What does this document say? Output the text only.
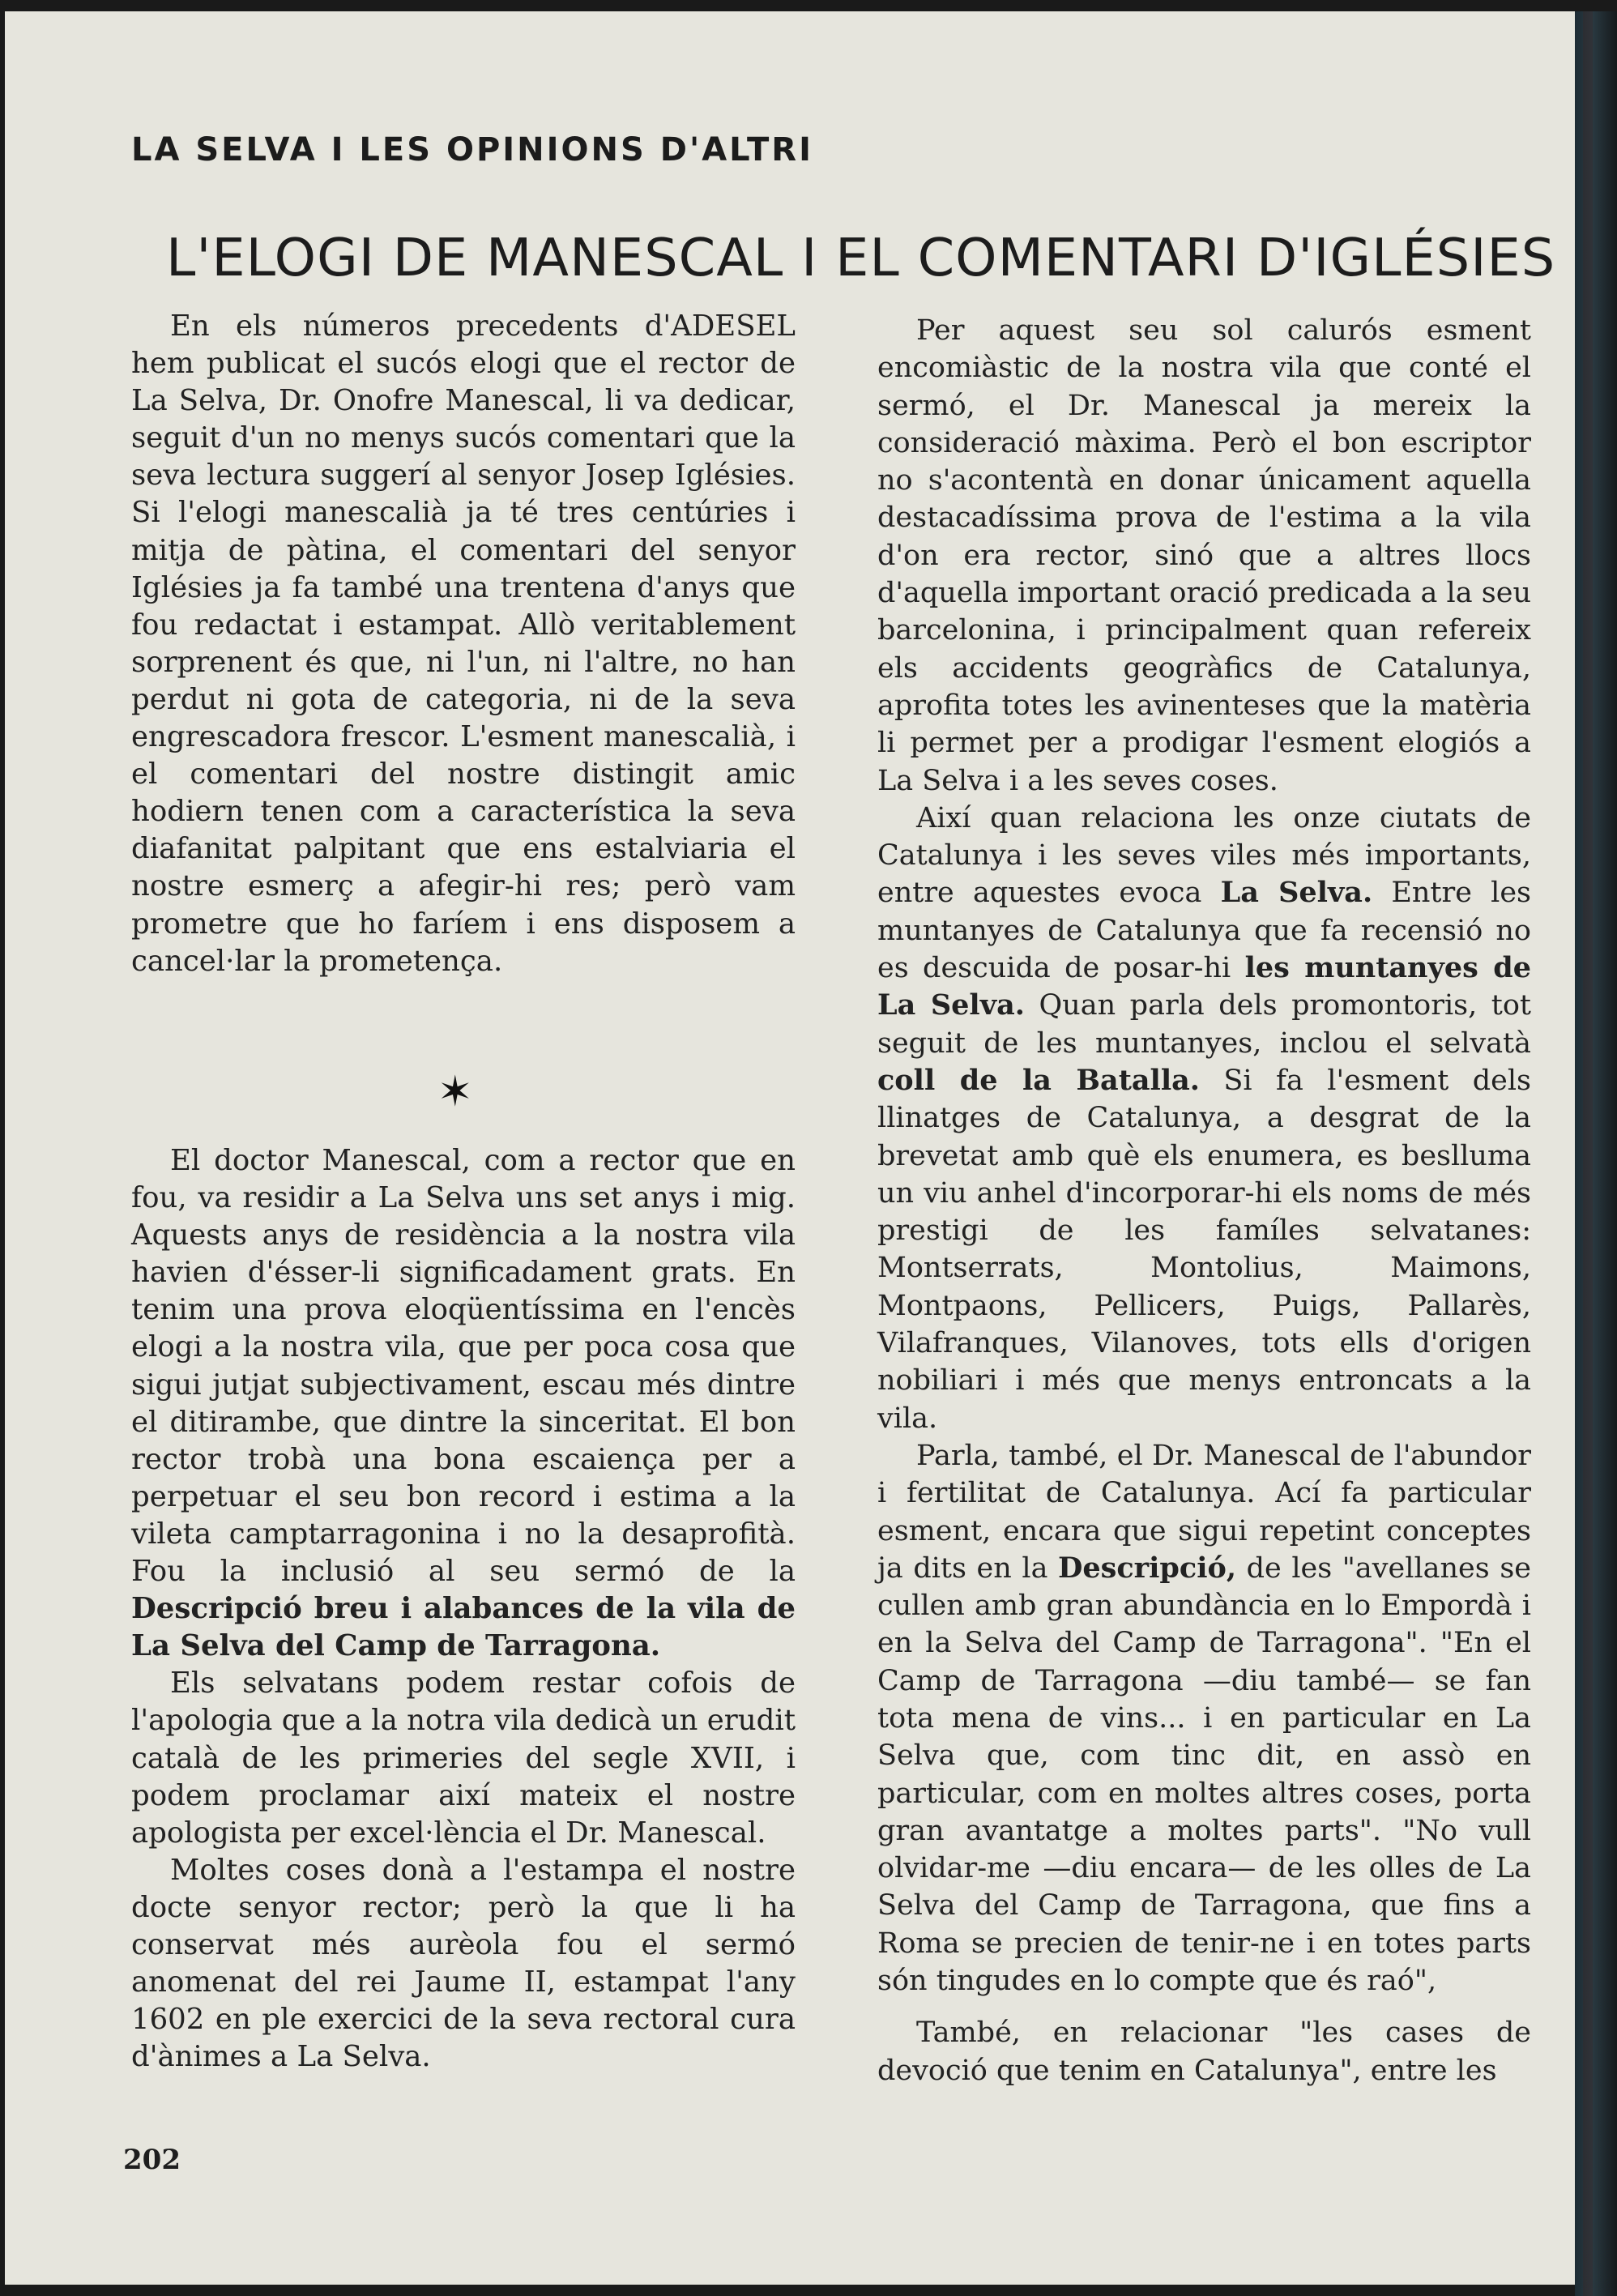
LA SELVA I LES OPINIONS D'ALTRI
L'ELOGI DE MANESCAL I EL COMENTARI D'IGLÉSIES

En els números precedents d'ADESEL hem publicat el sucós elogi que el rector de La Selva, Dr. Onofre Manescal, li va dedicar, seguit d'un no menys sucós comentari que la seva lectura suggerí al senyor Josep Iglésies. Si l'elogi manescalià ja té tres centúries i mitja de pàtina, el comentari del senyor Iglésies ja fa també una trentena d'anys que fou redactat i estampat. Allò veritablement sorprenent és que, ni l'un, ni l'altre, no han perdut ni gota de categoria, ni de la seva engrescadora frescor. L'esment manescalià, i el comentari del nostre distingit amic hodiern tenen com a característica la seva diafanitat palpitant que ens estalviaria el nostre esmerç a afegir-hi res; però vam prometre que ho faríem i ens disposem a cancel·lar la prometença.

✶

El doctor Manescal, com a rector que en fou, va residir a La Selva uns set anys i mig. Aquests anys de residència a la nostra vila havien d'ésser-li significadament grats. En tenim una prova eloqüentíssima en l'encès elogi a la nostra vila, que per poca cosa que sigui jutjat subjectivament, escau més dintre el ditirambe, que dintre la sinceritat. El bon rector trobà una bona escaiença per a perpetuar el seu bon record i estima a la vileta camptarragonina i no la desaprofità. Fou la inclusió al seu sermó de la Descripció breu i alabances de la vila de La Selva del Camp de Tarragona.

Els selvatans podem restar cofois de l'apologia que a la notra vila dedicà un erudit català de les primeries del segle XVII, i podem proclamar així mateix el nostre apologista per excel·lència el Dr. Manescal.

Moltes coses donà a l'estampa el nostre docte senyor rector; però la que li ha conservat més aurèola fou el sermó anomenat del rei Jaume II, estampat l'any 1602 en ple exercici de la seva rectoral cura d'ànimes a La Selva.

Per aquest seu sol calurós esment encomiàstic de la nostra vila que conté el sermó, el Dr. Manescal ja mereix la consideració màxima. Però el bon escriptor no s'acontentà en donar únicament aquella destacadíssima prova de l'estima a la vila d'on era rector, sinó que a altres llocs d'aquella important oració predicada a la seu barcelonina, i principalment quan refereix els accidents geogràfics de Catalunya, aprofita totes les avinenteses que la matèria li permet per a prodigar l'esment elogiós a La Selva i a les seves coses.

Així quan relaciona les onze ciutats de Catalunya i les seves viles més importants, entre aquestes evoca La Selva. Entre les muntanyes de Catalunya que fa recensió no es descuida de posar-hi les muntanyes de La Selva. Quan parla dels promontoris, tot seguit de les muntanyes, inclou el selvatà coll de la Batalla. Si fa l'esment dels llinatges de Catalunya, a desgrat de la brevetat amb què els enumera, es beslluma un viu anhel d'incorporar-hi els noms de més prestigi de les famíles selvatanes: Montserrats, Montolius, Maimons, Montpaons, Pellicers, Puigs, Pallarès, Vilafranques, Vilanoves, tots ells d'origen nobiliari i més que menys entroncats a la vila.

Parla, també, el Dr. Manescal de l'abundor i fertilitat de Catalunya. Ací fa particular esment, encara que sigui repetint conceptes ja dits en la Descripció, de les "avellanes se cullen amb gran abundància en lo Empordà i en la Selva del Camp de Tarragona". "En el Camp de Tarragona —diu també— se fan tota mena de vins... i en particular en La Selva que, com tinc dit, en assò en particular, com en moltes altres coses, porta gran avantatge a moltes parts". "No vull olvidar-me —diu encara— de les olles de La Selva del Camp de Tarragona, que fins a Roma se precien de tenir-ne i en totes parts són tingudes en lo compte que és raó",

També, en relacionar "les cases de devoció que tenim en Catalunya", entre les

202
